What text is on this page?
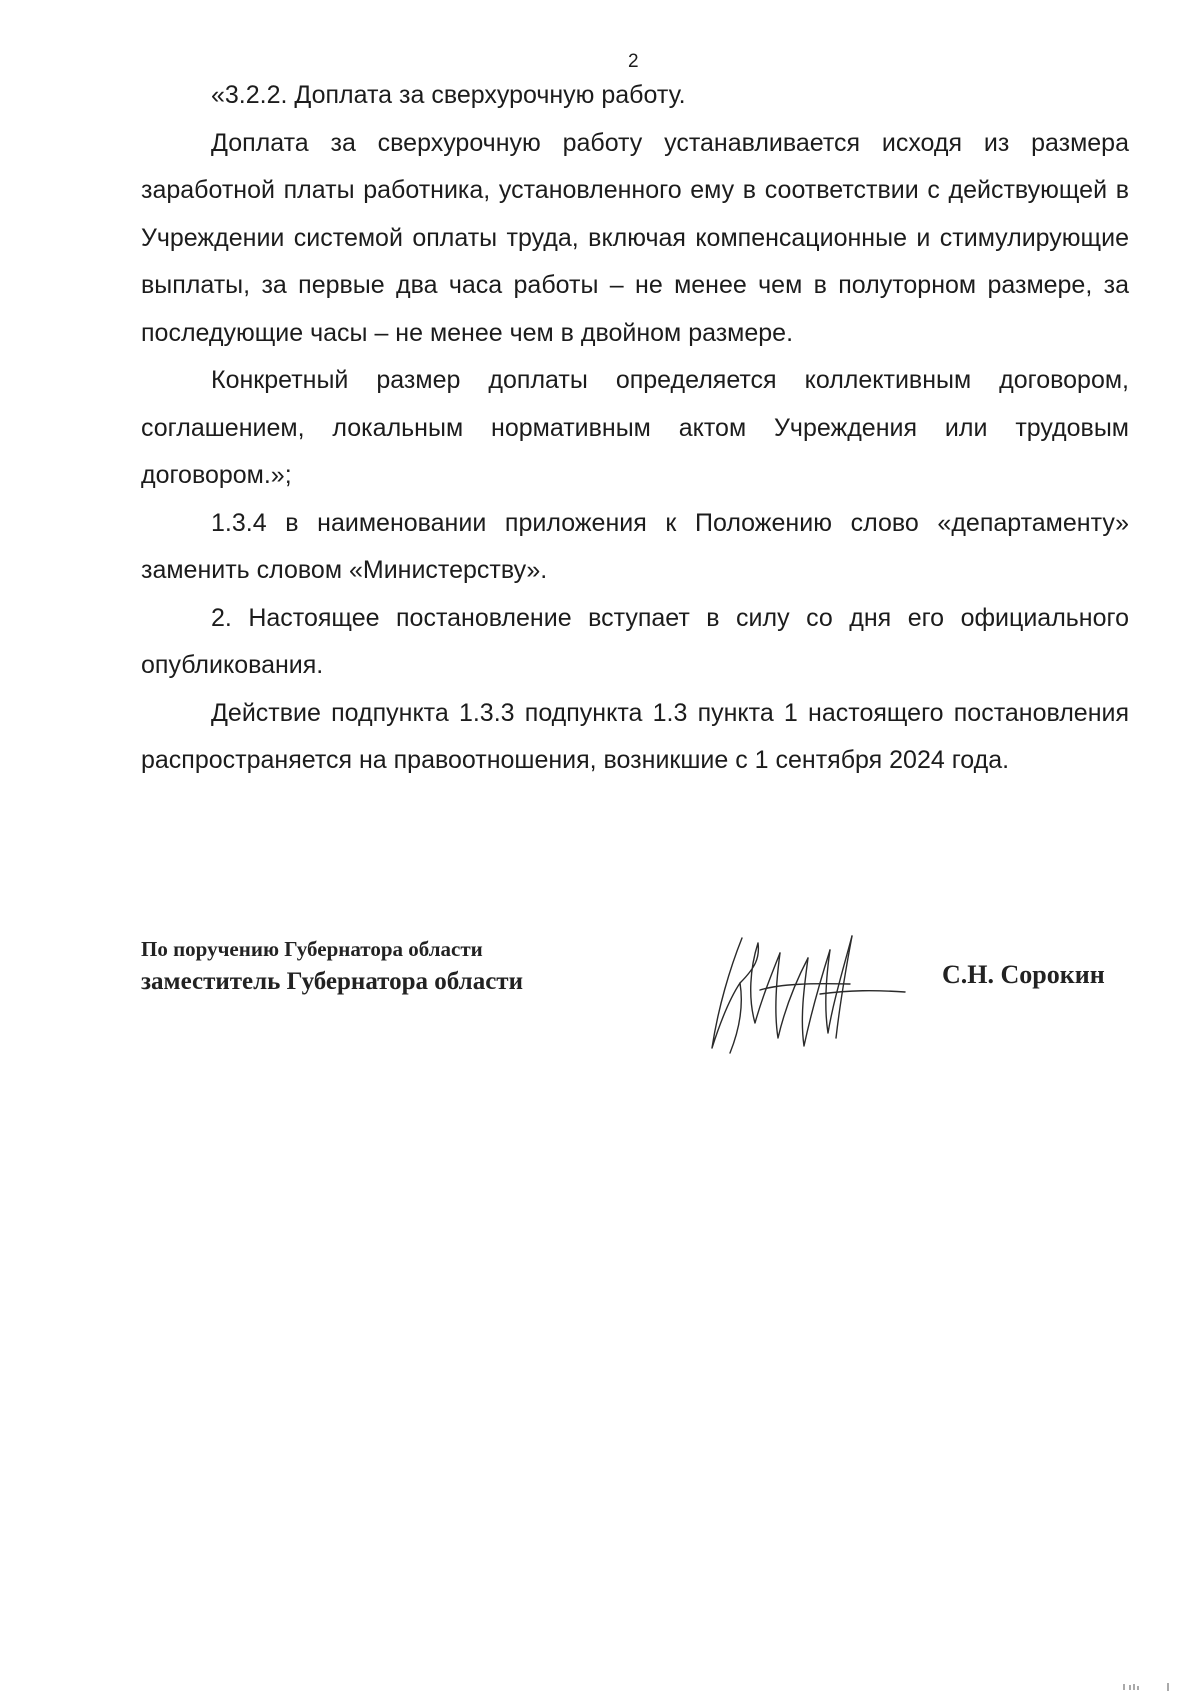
2

«3.2.2. Доплата за сверхурочную работу.

Доплата за сверхурочную работу устанавливается исходя из размера заработной платы работника, установленного ему в соответствии с действующей в Учреждении системой оплаты труда, включая компенсационные и стимулирующие выплаты, за первые два часа работы – не менее чем в полуторном размере, за последующие часы – не менее чем в двойном размере.

Конкретный размер доплаты определяется коллективным договором, соглашением, локальным нормативным актом Учреждения или трудовым договором.»;

1.3.4 в наименовании приложения к Положению слово «департаменту» заменить словом «Министерству».

2. Настоящее постановление вступает в силу со дня его официального опубликования.

Действие подпункта 1.3.3 подпункта 1.3 пункта 1 настоящего постановления распространяется на правоотношения, возникшие с 1 сентября 2024 года.

По поручению Губернатора области
заместитель Губернатора области	С.Н. Сорокин
